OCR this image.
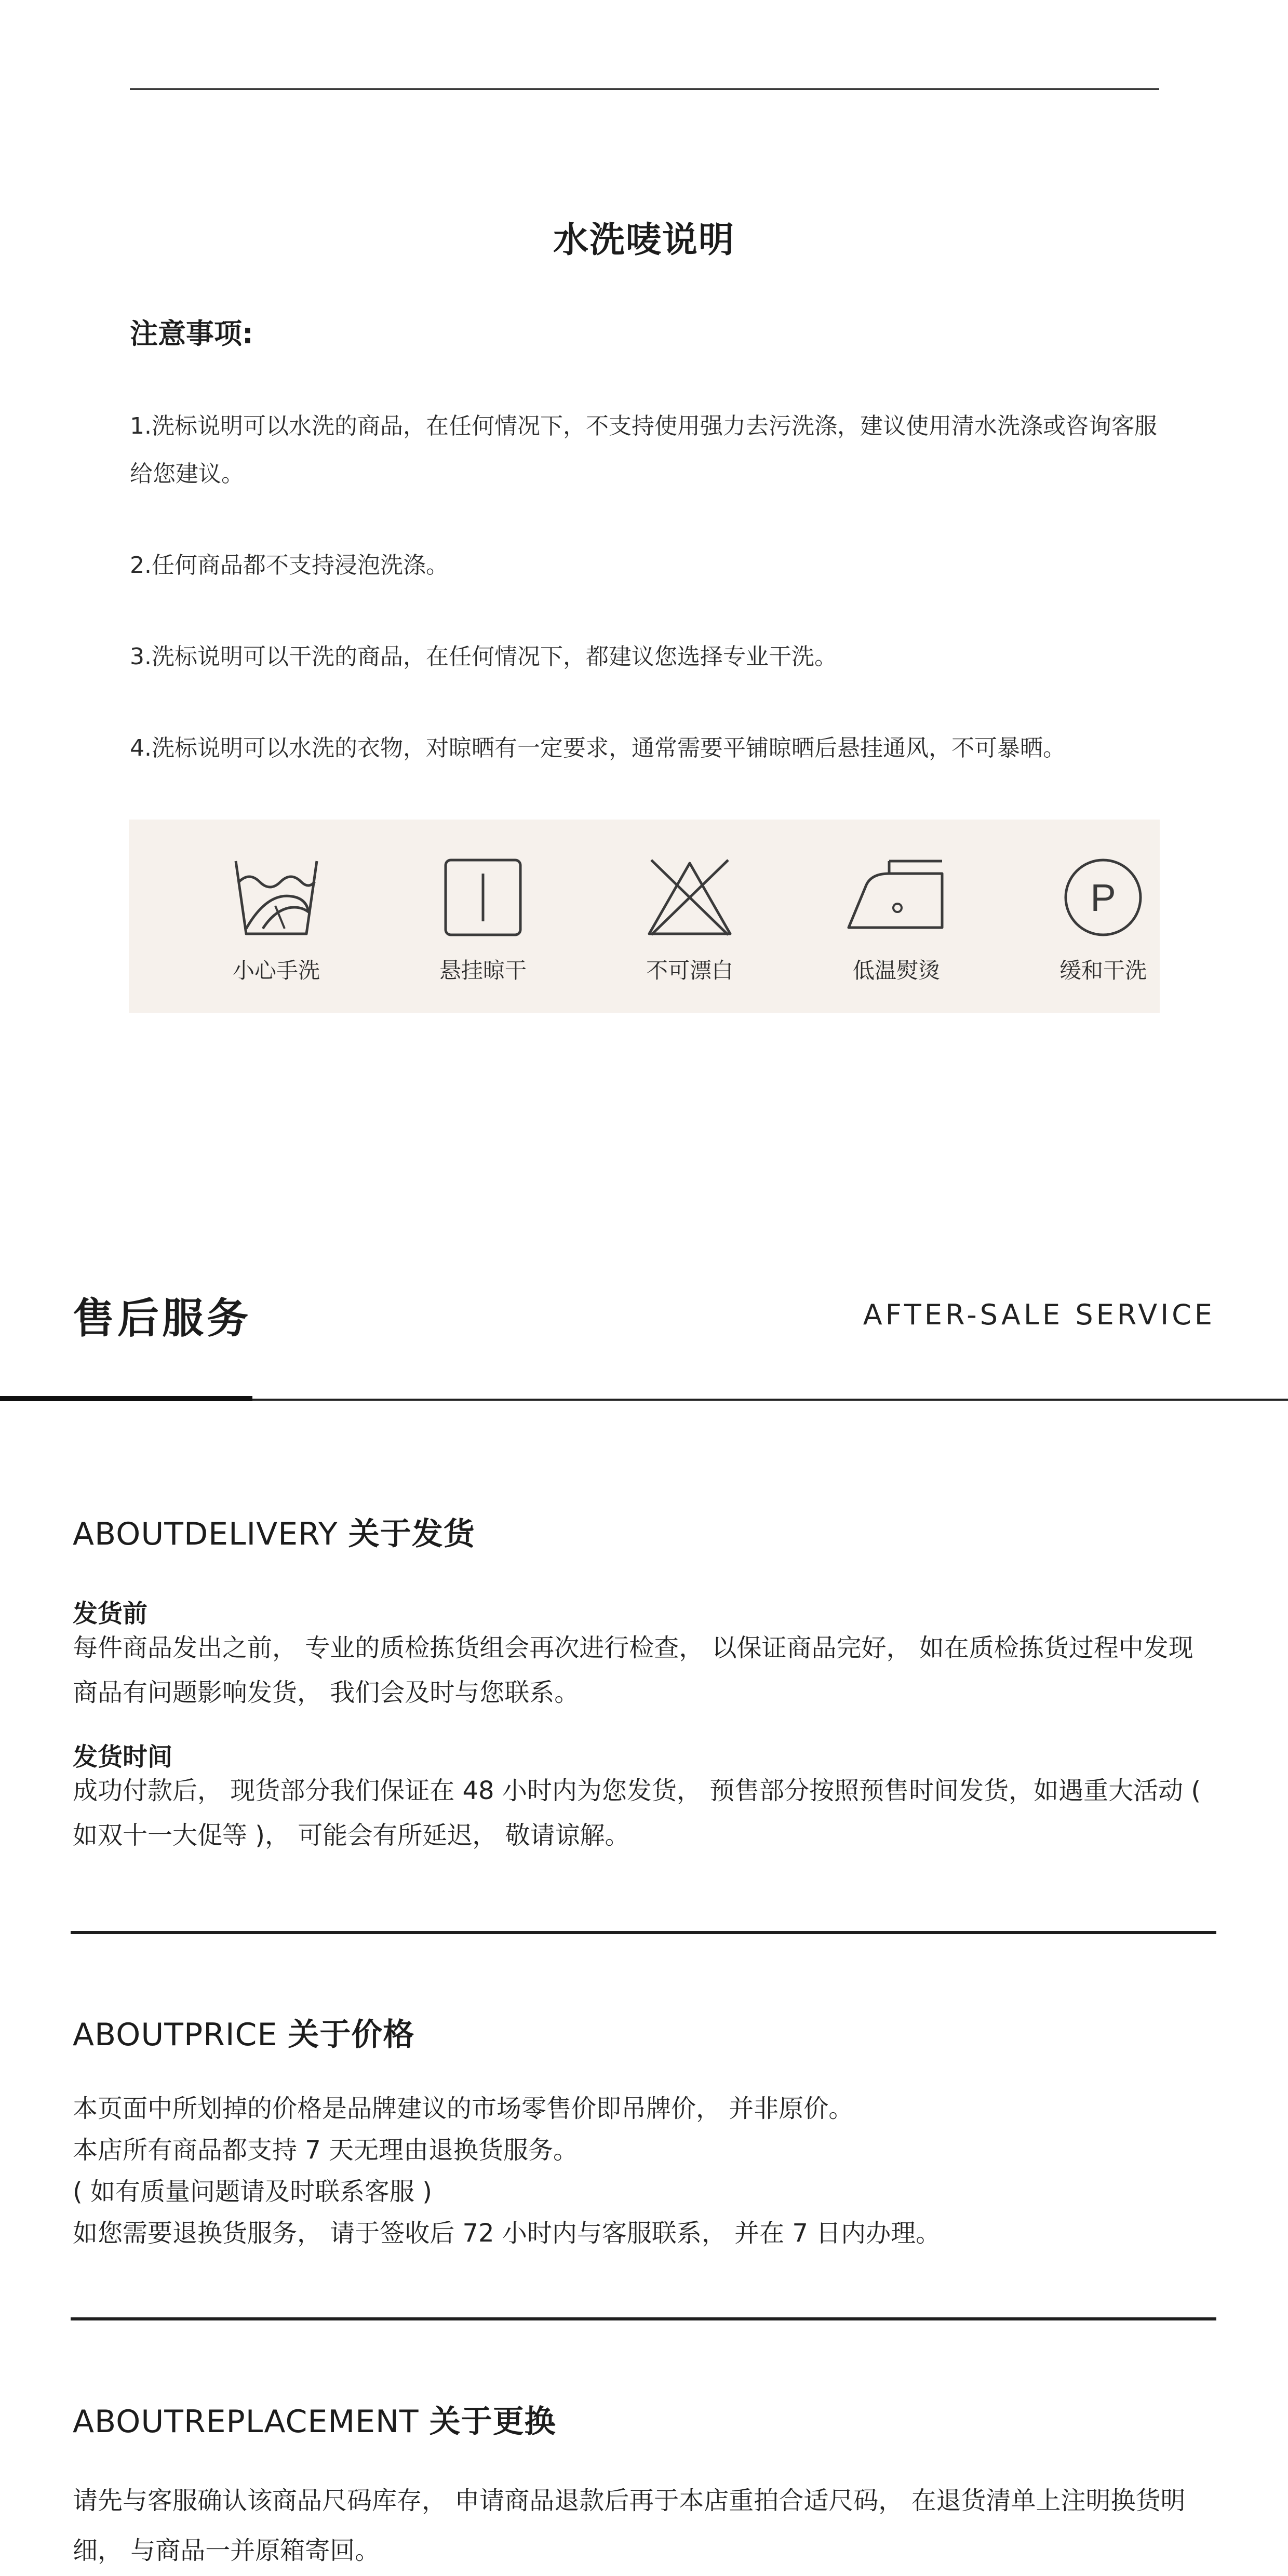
水洗唛说明
注意事项:

1.洗标说明可以水洗的商品，在任何情况下，不支持使用强力去污洗涤，建议使用清水洗涤或咨询客服给您建议。

2.任何商品都不支持浸泡洗涤。

3.洗标说明可以干洗的商品，在任何情况下，都建议您选择专业干洗。

4.洗标说明可以水洗的衣物，对晾晒有一定要求，通常需要平铺晾晒后悬挂通风，不可暴晒。

小心手洗	悬挂晾干	不可漂白	低温熨烫
P
缓和干洗
售后服务	AFTER-SALE SERVICE
ABOUTDELIVERY 关于发货
发货前
每件商品发出之前， 专业的质检拣货组会再次进行检查， 以保证商品完好， 如在质检拣货过程中发现商品有问题影响发货， 我们会及时与您联系。
发货时间
成功付款后， 现货部分我们保证在 48 小时内为您发货， 预售部分按照预售时间发货，如遇重大活动 ( 如双十一大促等 )， 可能会有所延迟， 敬请谅解。
ABOUTPRICE 关于价格
本页面中所划掉的价格是品牌建议的市场零售价即吊牌价， 并非原价。
本店所有商品都支持 7 天无理由退换货服务。
( 如有质量问题请及时联系客服 )
如您需要退换货服务， 请于签收后 72 小时内与客服联系， 并在 7 日内办理。
ABOUTREPLACEMENT 关于更换
请先与客服确认该商品尺码库存， 申请商品退款后再于本店重拍合适尺码， 在退货清单上注明换货明细， 与商品一并原箱寄回。
